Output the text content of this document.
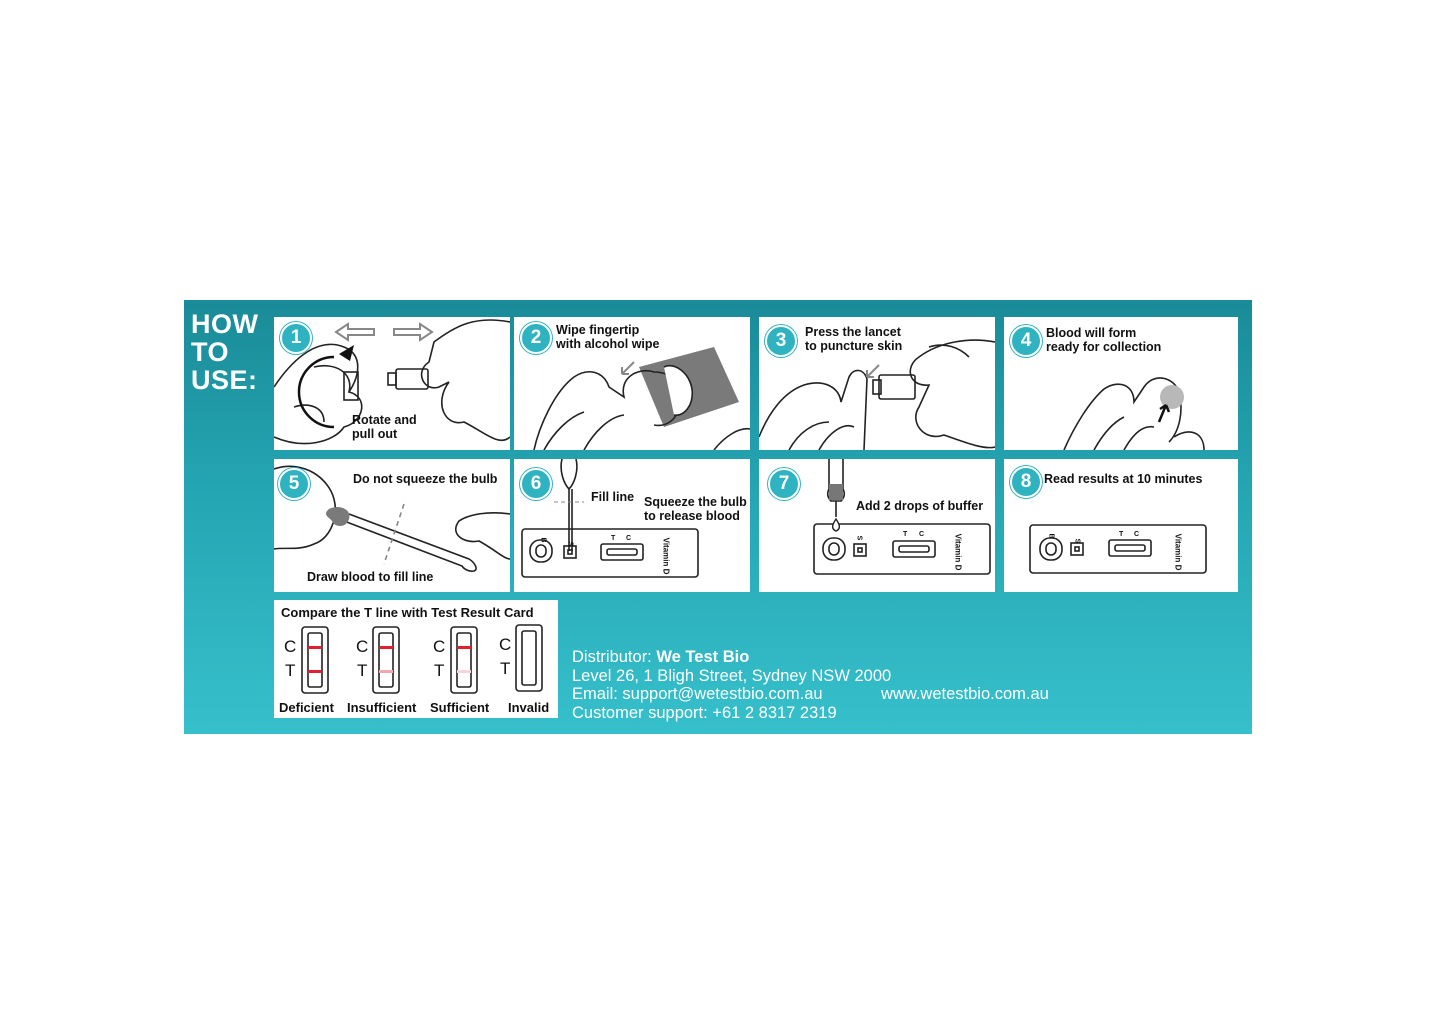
HOW
TO
USE:
1
Rotate and
pull out
2	Wipe fingertip
with alcohol wipe	3	Press the lancet
to puncture skin	4	Blood will form
ready for collection
5	Do not squeeze the bulb
Draw blood to fill line
6
Fill line Squeeze the bulb
to release blood
B
S
T C	Vitamin D
7
Add 2 drops of buffer
S	T C	Vitamin D
8	Read results at 10 minutes
B
S
T C	Vitamin D
Compare the T line with Test Result Card
C
T
C
T
C
T
C
T
Deficient Insufficient Sufficient Invalid
Distributor: We Test Bio
Level 26, 1 Bligh Street, Sydney NSW 2000
Email: support@wetestbio.com.au
Customer support: +61 2 8317 2319
www.wetestbio.com.au
